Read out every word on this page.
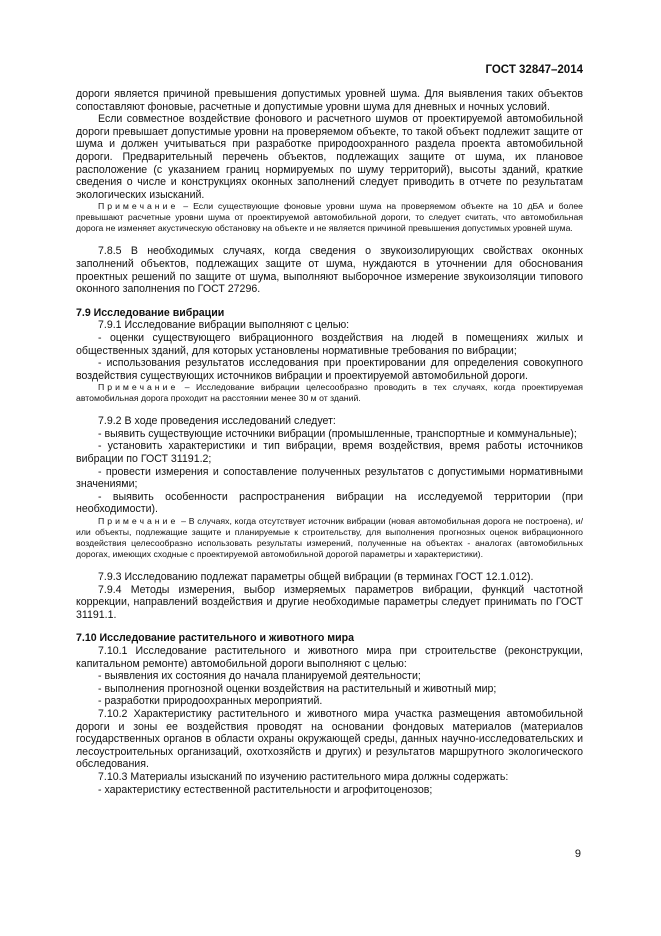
ГОСТ 32847–2014

дороги является причиной превышения допустимых уровней шума. Для выявления таких объектов сопоставляют фоновые, расчетные и допустимые уровни шума для дневных и ночных условий.

Если совместное воздействие фонового и расчетного шумов от проектируемой автомобильной дороги превышает допустимые уровни на проверяемом объекте, то такой объект подлежит защите от шума и должен учитываться при разработке природоохранного раздела проекта автомобильной дороги. Предварительный перечень объектов, подлежащих защите от шума, их плановое расположение (с указанием границ нормируемых по шуму территорий), высоты зданий, краткие сведения о числе и конструкциях оконных заполнений следует приводить в отчете по результатам экологических изысканий.

Примечание – Если существующие фоновые уровни шума на проверяемом объекте на 10 дБА и более превышают расчетные уровни шума от проектируемой автомобильной дороги, то следует считать, что автомобильная дорога не изменяет акустическую обстановку на объекте и не является причиной превышения допустимых уровней шума.

7.8.5 В необходимых случаях, когда сведения о звукоизолирующих свойствах оконных заполнений объектов, подлежащих защите от шума, нуждаются в уточнении для обоснования проектных решений по защите от шума, выполняют выборочное измерение звукоизоляции типового оконного заполнения по ГОСТ 27296.

7.9 Исследование вибрации

7.9.1 Исследование вибрации выполняют с целью:

- оценки существующего вибрационного воздействия на людей в помещениях жилых и общественных зданий, для которых установлены нормативные требования по вибрации;

- использования результатов исследования при проектировании для определения совокупного воздействия существующих источников вибрации и проектируемой автомобильной дороги.

Примечание – Исследование вибрации целесообразно проводить в тех случаях, когда проектируемая автомобильная дорога проходит на расстоянии менее 30 м от зданий.

7.9.2 В ходе проведения исследований следует:

- выявить существующие источники вибрации (промышленные, транспортные и коммунальные);

- установить характеристики и тип вибрации, время воздействия, время работы источников вибрации по ГОСТ 31191.2;

- провести измерения и сопоставление полученных результатов с допустимыми нормативными значениями;

- выявить особенности распространения вибрации на исследуемой территории (при необходимости).

Примечание – В случаях, когда отсутствует источник вибрации (новая автомобильная дорога не построена), и/или объекты, подлежащие защите и планируемые к строительству, для выполнения прогнозных оценок вибрационного воздействия целесообразно использовать результаты измерений, полученные на объектах - аналогах (автомобильных дорогах, имеющих сходные с проектируемой автомобильной дорогой параметры и характеристики).

7.9.3 Исследованию подлежат параметры общей вибрации (в терминах ГОСТ 12.1.012).

7.9.4 Методы измерения, выбор измеряемых параметров вибрации, функций частотной коррекции, направлений воздействия и другие необходимые параметры следует принимать по ГОСТ 31191.1.

7.10 Исследование растительного и животного мира

7.10.1 Исследование растительного и животного мира при строительстве (реконструкции, капитальном ремонте) автомобильной дороги выполняют с целью:

- выявления их состояния до начала планируемой деятельности;

- выполнения прогнозной оценки воздействия на растительный и животный мир;

- разработки природоохранных мероприятий.

7.10.2 Характеристику растительного и животного мира участка размещения автомобильной дороги и зоны ее воздействия проводят на основании фондовых материалов (материалов государственных органов в области охраны окружающей среды, данных научно-исследовательских и лесоустроительных организаций, охотхозяйств и других) и результатов маршрутного экологического обследования.

7.10.3 Материалы изысканий по изучению растительного мира должны содержать:

- характеристику естественной растительности и агрофитоценозов;

9
